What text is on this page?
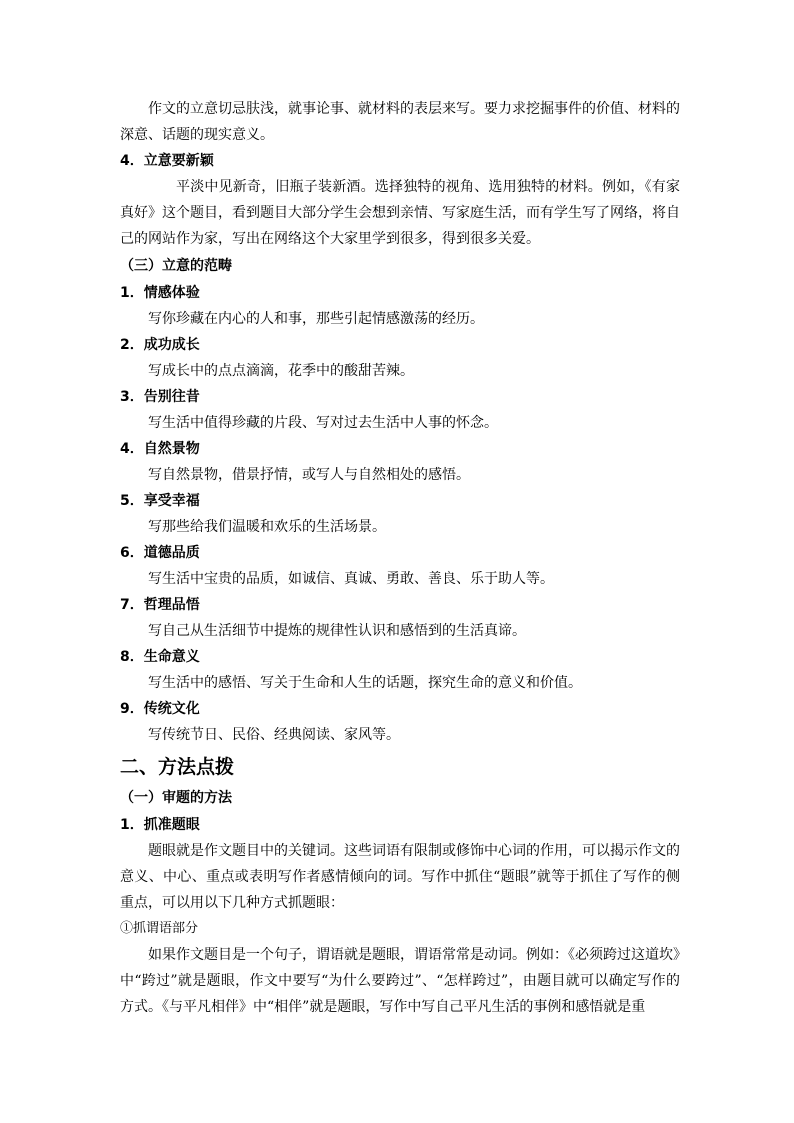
作文的立意切忌肤浅，就事论事、就材料的表层来写。要力求挖掘事件的价值、材料的深意、话题的现实意义。

4．立意要新颖

平淡中见新奇，旧瓶子装新酒。选择独特的视角、选用独特的材料。例如，《有家真好》这个题目，看到题目大部分学生会想到亲情、写家庭生活，而有学生写了网络，将自己的网站作为家，写出在网络这个大家里学到很多，得到很多关爱。

（三）立意的范畴

1．情感体验

写你珍藏在内心的人和事，那些引起情感激荡的经历。

2．成功成长

写成长中的点点滴滴，花季中的酸甜苦辣。

3．告别往昔

写生活中值得珍藏的片段、写对过去生活中人事的怀念。

4．自然景物

写自然景物，借景抒情，或写人与自然相处的感悟。

5．享受幸福

写那些给我们温暖和欢乐的生活场景。

6．道德品质

写生活中宝贵的品质，如诚信、真诚、勇敢、善良、乐于助人等。

7．哲理品悟

写自己从生活细节中提炼的规律性认识和感悟到的生活真谛。

8．生命意义

写生活中的感悟、写关于生命和人生的话题，探究生命的意义和价值。

9．传统文化

写传统节日、民俗、经典阅读、家风等。

二、方法点拨

（一）审题的方法

1．抓准题眼

题眼就是作文题目中的关键词。这些词语有限制或修饰中心词的作用，可以揭示作文的意义、中心、重点或表明写作者感情倾向的词。写作中抓住“题眼”就等于抓住了写作的侧重点，可以用以下几种方式抓题眼：

①抓谓语部分

如果作文题目是一个句子，谓语就是题眼，谓语常常是动词。例如：《必须跨过这道坎》中“跨过”就是题眼，作文中要写“为什么要跨过”、“怎样跨过”，由题目就可以确定写作的方式。《与平凡相伴》中“相伴”就是题眼，写作中写自己平凡生活的事例和感悟就是重
